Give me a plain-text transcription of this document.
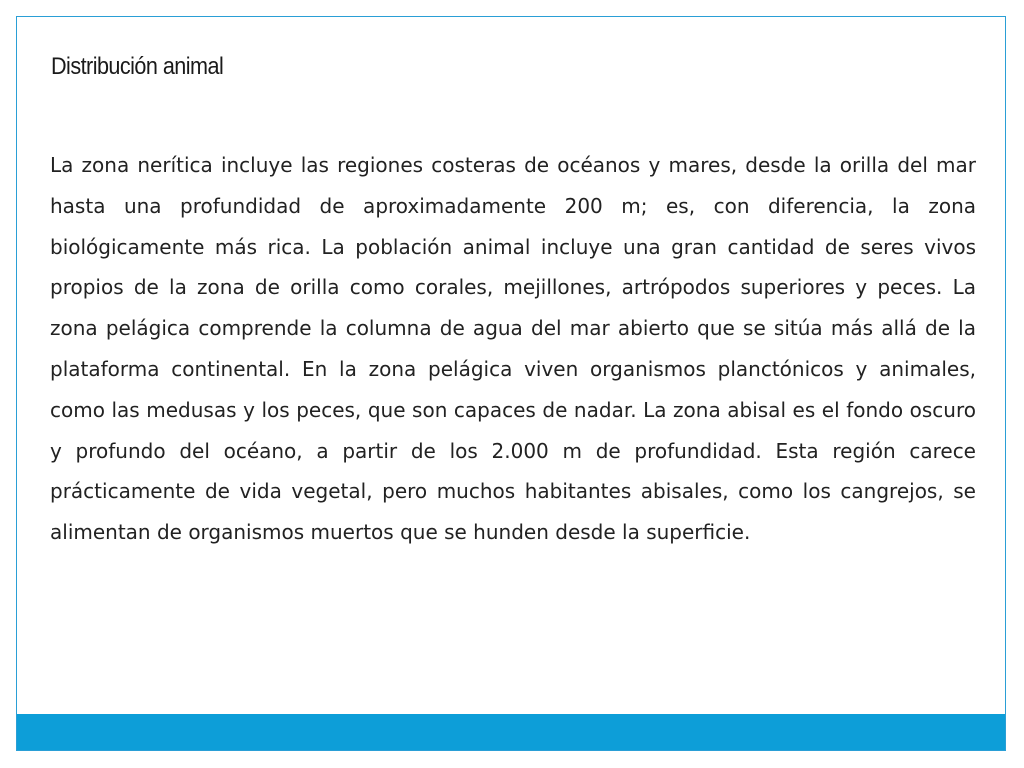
Distribución animal

La zona nerítica incluye las regiones costeras de océanos y mares, desde la orilla del mar hasta una profundidad de aproximadamente 200 m; es, con diferencia, la zona biológicamente más rica. La población animal incluye una gran cantidad de seres vivos propios de la zona de orilla como corales, mejillones, artrópodos superiores y peces. La zona pelágica comprende la columna de agua del mar abierto que se sitúa más allá de la plataforma continental. En la zona pelágica viven organismos planctónicos y animales, como las medusas y los peces, que son capaces de nadar. La zona abisal es el fondo oscuro y profundo del océano, a partir de los 2.000 m de profundidad. Esta región carece prácticamente de vida vegetal, pero muchos habitantes abisales, como los cangrejos, se alimentan de organismos muertos que se hunden desde la superficie.
